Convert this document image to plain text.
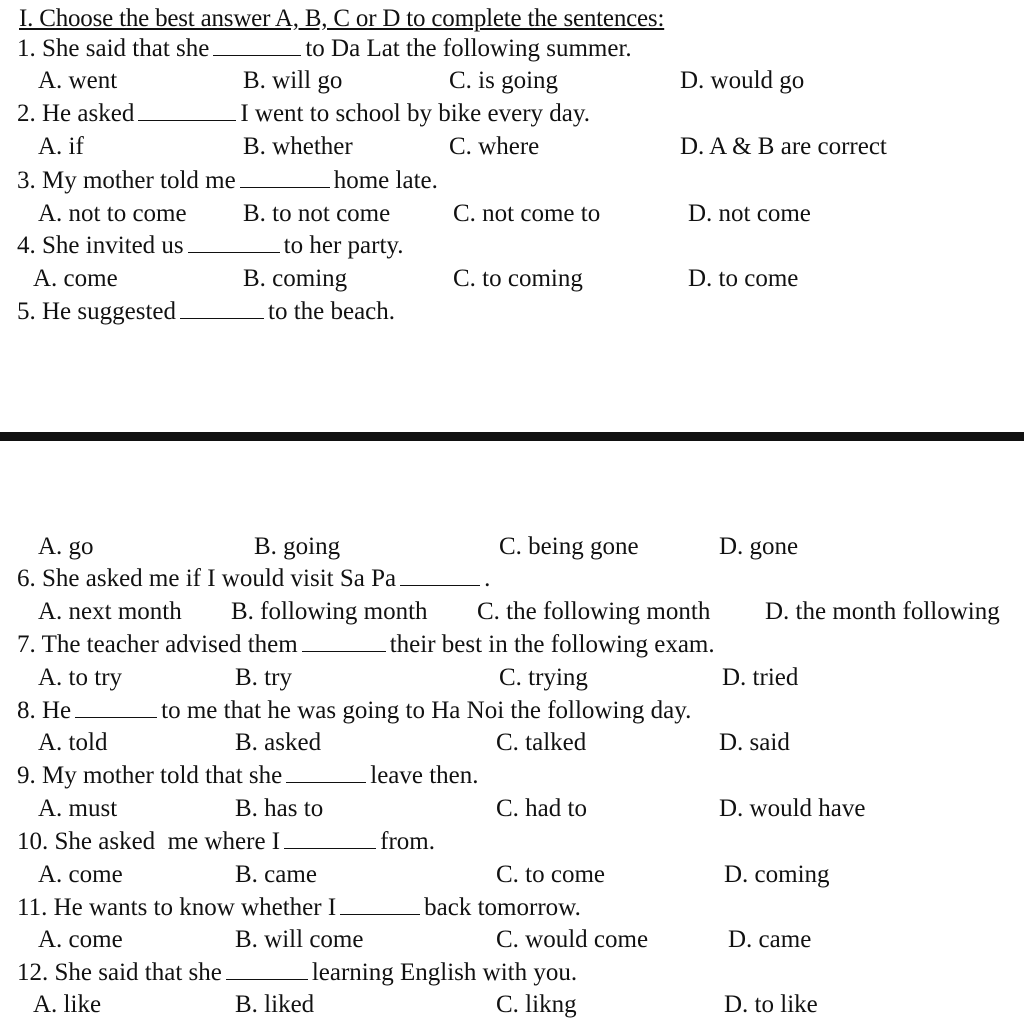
I. Choose the best answer A, B, C or D to complete the sentences:
1. She said that she	to Da Lat the following summer.
A. went	B. will go	C. is going	D. would go
2. He asked	I went to school by bike every day.
A. if	B. whether	C. where	D. A & B are correct
3. My mother told me	home late.
A. not to come B. to not come	C. not come to	D. not come
4. She invited us	to her party.
A. come	B. coming	C. to coming	D. to come
5. He suggested	to the beach.
A. go	B. going	C. being gone	D. gone
6. She asked me if I would visit Sa Pa	.
A. next month B. following month C. the following month D. the month following
7. The teacher advised them	their best in the following exam.
A. to try	B. try	C. trying	D. tried
8. He	to me that he was going to Ha Noi the following day.
A. told	B. asked	C. talked	D. said
9. My mother told that she	leave then.
A. must	B. has to	C. had to	D. would have
10. She asked  me where I	from.
A. come	B. came	C. to come	D. coming
11. He wants to know whether I	back tomorrow.
A. come	B. will come	C. would come	D. came
12. She said that she	learning English with you.
A. like	B. liked	C. likng	D. to like
